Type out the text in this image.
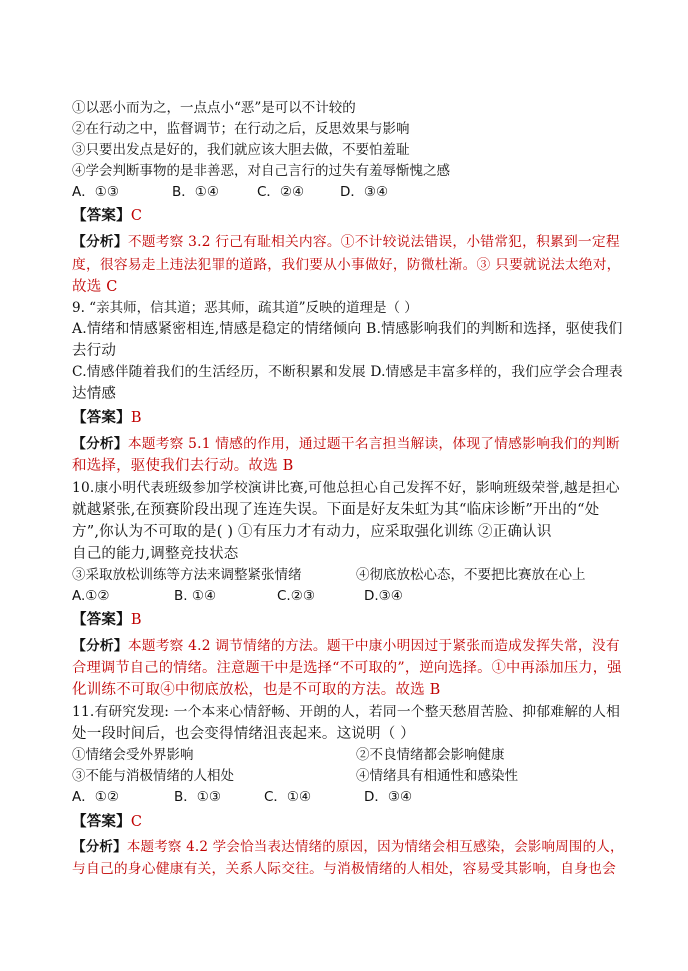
①以恶小而为之，一点点小“恶”是可以不计较的
②在行动之中，监督调节；在行动之后，反思效果与影响
③只要出发点是好的，我们就应该大胆去做，不要怕羞耻
④学会判断事物的是非善恶，对自己言行的过失有羞辱惭愧之感
A．①③	B．①④	C．②④	D．③④
【答案】C
【分析】不题考察 3.2 行己有耻相关内容。①不计较说法错误，小错常犯，积累到一定程
度，很容易走上违法犯罪的道路，我们要从小事做好，防微杜渐。③ 只要就说法太绝对，
故选 C
9. “亲其师，信其道；恶其师，疏其道”反映的道理是（ ）
A.情绪和情感紧密相连,情感是稳定的情绪倾向 B.情感影响我们的判断和选择，驱使我们
去行动
C.情感伴随着我们的生活经历，不断积累和发展 D.情感是丰富多样的，我们应学会合理表
达情感
【答案】B
【分析】本题考察 5.1 情感的作用，通过题干名言担当解读，体现了情感影响我们的判断
和选择，驱使我们去行动。故选 B
10.康小明代表班级参加学校演讲比赛,可他总担心自己发挥不好，影响班级荣誉,越是担心
就越紧张,在预赛阶段出现了连连失误。下面是好友朱虹为其“临床诊断”开出的“处
方”,你认为不可取的是( ) ①有压力才有动力，应采取强化训练 ②正确认识
自己的能力,调整竞技状态
③采取放松训练等方法来调整紧张情绪	④彻底放松心态，不要把比赛放在心上
A.①②	B. ①④	C.②③	D.③④
【答案】B
【分析】本题考察 4.2 调节情绪的方法。题干中康小明因过于紧张而造成发挥失常，没有
合理调节自己的情绪。注意题干中是选择“不可取的”，逆向选择。①中再添加压力，强
化训练不可取④中彻底放松，也是不可取的方法。故选 B
11.有研究发现: 一个本来心情舒畅、开朗的人，若同一个整天愁眉苦脸、抑郁难解的人相
处一段时间后，也会变得情绪沮丧起来。这说明（ ）
①情绪会受外界影响	②不良情绪都会影响健康
③不能与消极情绪的人相处	④情绪具有相通性和感染性
A．①②	B．①③	C．①④	D．③④
【答案】C
【分析】本题考察 4.2 学会恰当表达情绪的原因，因为情绪会相互感染，会影响周围的人，
与自己的身心健康有关，关系人际交往。与消极情绪的人相处，容易受其影响，自身也会
